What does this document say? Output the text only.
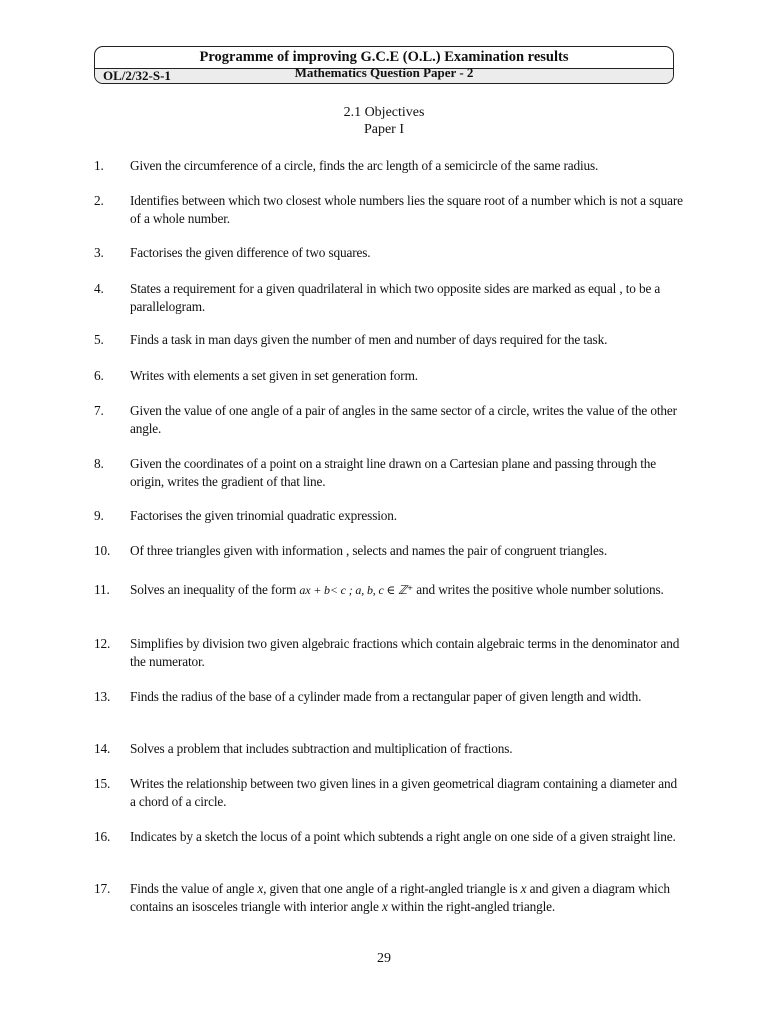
Programme of improving G.C.E (O.L.) Examination results
OL/2/32-S-1	Mathematics Question Paper - 2
2.1 Objectives
Paper I
1. Given the circumference of a circle, finds the arc length of a semicircle of the same radius.
2. Identifies between which two closest whole numbers lies the square root of a number which is not a square of a whole number.
3. Factorises the given difference of two squares.
4. States a requirement for a given quadrilateral in which two opposite sides are marked as equal , to be a parallelogram.
5. Finds a task in man days given the number of men and number of days required for the task.
6. Writes with elements a set given in set generation form.
7. Given the value of one angle of a pair of angles in the same sector of a circle, writes the value of the other angle.
8. Given the coordinates of a point on a straight line drawn on a Cartesian plane and passing through the origin, writes the gradient of that line.
9. Factorises the given trinomial quadratic expression.
10. Of three triangles given with information , selects and names the pair of congruent triangles.
11. Solves an inequality of the form ax + b< c ; a, b, c ∈ ℤ⁺ and writes the positive whole number solutions.
12. Simplifies by division two given algebraic fractions which contain algebraic terms in the denominator and the numerator.
13. Finds the radius of the base of a cylinder made from a rectangular paper of given length and width.
14. Solves a problem that includes subtraction and multiplication of fractions.
15. Writes the relationship between two given lines in a given geometrical diagram containing a diameter and a chord of a circle.
16. Indicates by a sketch the locus of a point which subtends a right angle on one side of a given straight line.
17. Finds the value of angle x, given that one angle of a right-angled triangle is x and given a diagram which contains an isosceles triangle with interior angle x within the right-angled triangle.
29
